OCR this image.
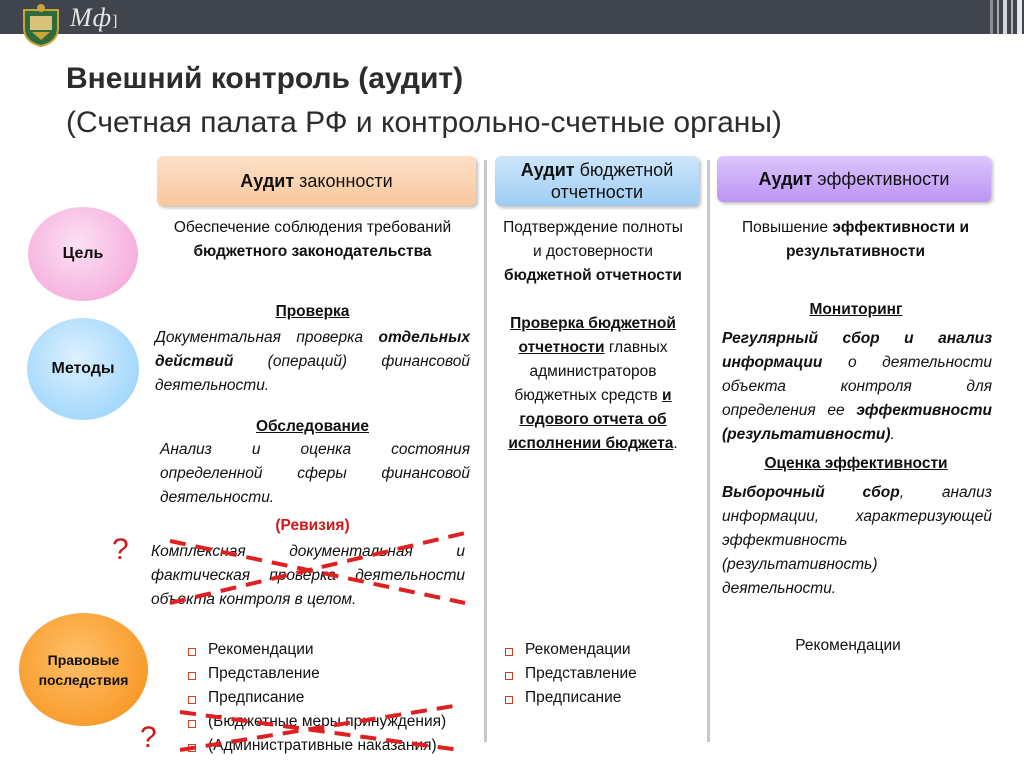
Мф]
Внешний контроль (аудит)
(Счетная палата РФ и контрольно-счетные органы)
Аудит законности
Аудит бюджетной
отчетности
Аудит эффективности
Цель
Методы
Правовые
последствия
Обеспечение соблюдения требований
бюджетного законодательства
Подтверждение полноты
и достоверности
бюджетной отчетности
Повышение эффективности и
результативности
Проверка
Документальная проверка отдельных
действий (операций) финансовой
деятельности.
Обследование
Анализ и оценка состояния
определенной сферы финансовой
деятельности.
(Ревизия)
? Комплексная документальная и
фактическая проверка деятельности
объекта контроля в целом.
Проверка бюджетной
отчетности главных
администраторов
бюджетных средств и
годового отчета об
исполнении бюджета.
Мониторинг
Регулярный сбор и анализ
информации о деятельности
объекта контроля для
определения ее эффективности
(результативности).
Оценка эффективности
Выборочный сбор, анализ
информации, характеризующей
эффективность
(результативность)
деятельности.
Рекомендации
Представление
Предписание
(Бюджетные меры принуждения)
(Административные наказания)
?
Рекомендации
Представление
Предписание
Рекомендации
